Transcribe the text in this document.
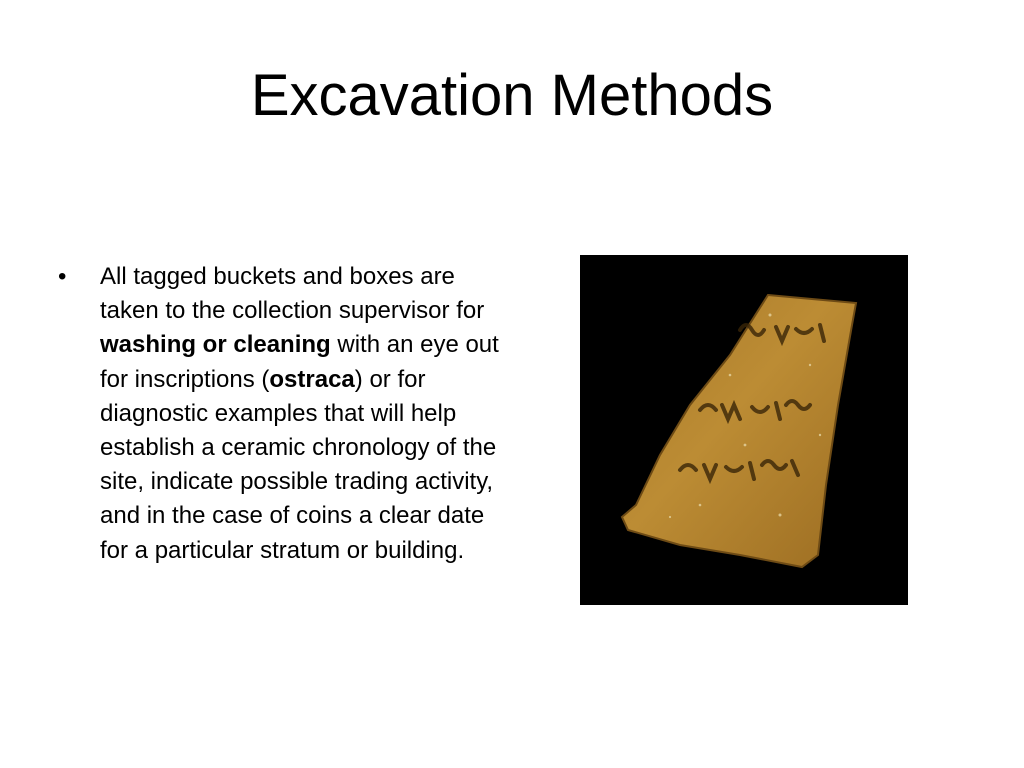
Excavation Methods
•	All tagged buckets and boxes are taken to the collection supervisor for washing or cleaning with an eye out for inscriptions (ostraca) or for diagnostic examples that will help establish a ceramic chronology of the site, indicate possible trading activity, and in the case of coins a clear date for a particular stratum or building.
